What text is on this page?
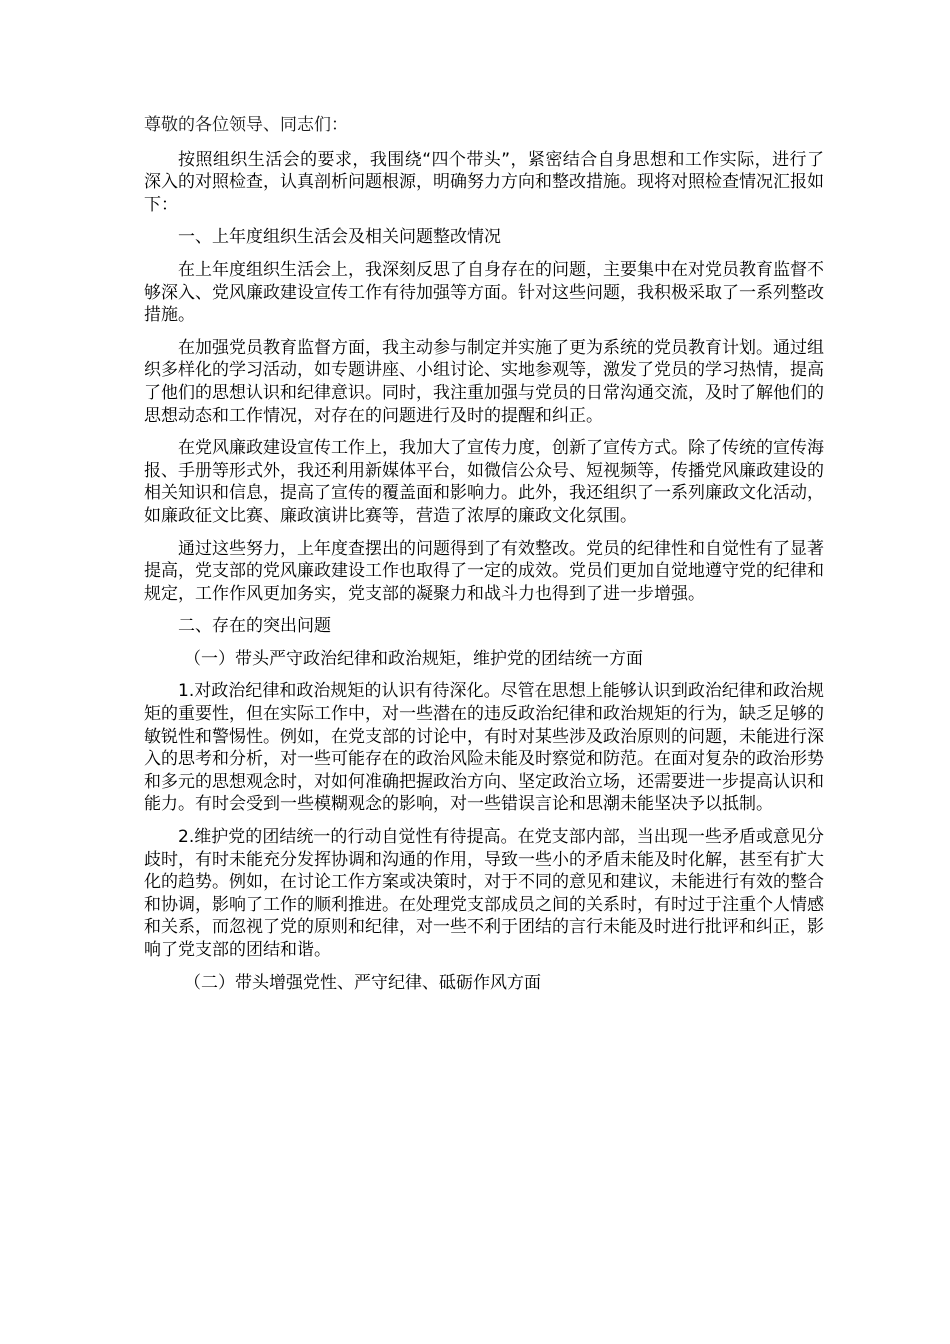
尊敬的各位领导、同志们：

按照组织生活会的要求，我围绕“四个带头”，紧密结合自身思想和工作实际，进行了深入的对照检查，认真剖析问题根源，明确努力方向和整改措施。现将对照检查情况汇报如下：

一、上年度组织生活会及相关问题整改情况

在上年度组织生活会上，我深刻反思了自身存在的问题，主要集中在对党员教育监督不够深入、党风廉政建设宣传工作有待加强等方面。针对这些问题，我积极采取了一系列整改措施。

在加强党员教育监督方面，我主动参与制定并实施了更为系统的党员教育计划。通过组织多样化的学习活动，如专题讲座、小组讨论、实地参观等，激发了党员的学习热情，提高了他们的思想认识和纪律意识。同时，我注重加强与党员的日常沟通交流，及时了解他们的思想动态和工作情况，对存在的问题进行及时的提醒和纠正。

在党风廉政建设宣传工作上，我加大了宣传力度，创新了宣传方式。除了传统的宣传海报、手册等形式外，我还利用新媒体平台，如微信公众号、短视频等，传播党风廉政建设的相关知识和信息，提高了宣传的覆盖面和影响力。此外，我还组织了一系列廉政文化活动，如廉政征文比赛、廉政演讲比赛等，营造了浓厚的廉政文化氛围。

通过这些努力，上年度查摆出的问题得到了有效整改。党员的纪律性和自觉性有了显著提高，党支部的党风廉政建设工作也取得了一定的成效。党员们更加自觉地遵守党的纪律和规定，工作作风更加务实，党支部的凝聚力和战斗力也得到了进一步增强。

二、存在的突出问题

（一）带头严守政治纪律和政治规矩，维护党的团结统一方面

1.对政治纪律和政治规矩的认识有待深化。尽管在思想上能够认识到政治纪律和政治规矩的重要性，但在实际工作中，对一些潜在的违反政治纪律和政治规矩的行为，缺乏足够的敏锐性和警惕性。例如，在党支部的讨论中，有时对某些涉及政治原则的问题，未能进行深入的思考和分析，对一些可能存在的政治风险未能及时察觉和防范。在面对复杂的政治形势和多元的思想观念时，对如何准确把握政治方向、坚定政治立场，还需要进一步提高认识和能力。有时会受到一些模糊观念的影响，对一些错误言论和思潮未能坚决予以抵制。

2.维护党的团结统一的行动自觉性有待提高。在党支部内部，当出现一些矛盾或意见分歧时，有时未能充分发挥协调和沟通的作用，导致一些小的矛盾未能及时化解，甚至有扩大化的趋势。例如，在讨论工作方案或决策时，对于不同的意见和建议，未能进行有效的整合和协调，影响了工作的顺利推进。在处理党支部成员之间的关系时，有时过于注重个人情感和关系，而忽视了党的原则和纪律，对一些不利于团结的言行未能及时进行批评和纠正，影响了党支部的团结和谐。

（二）带头增强党性、严守纪律、砥砺作风方面
